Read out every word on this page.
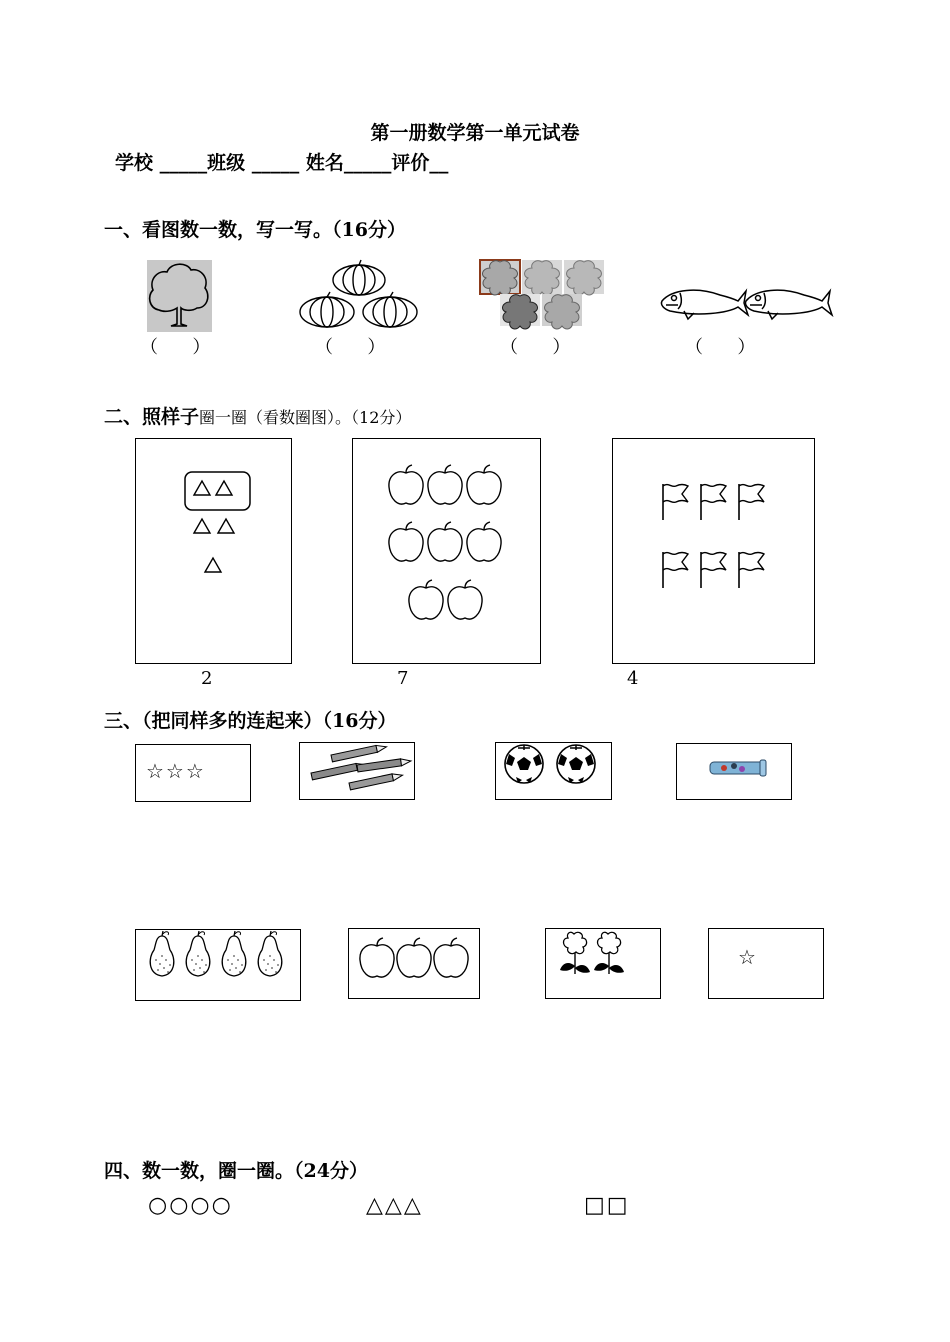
第一册数学第一单元试卷
学校 _____班级 _____ 姓名_____评价__
一、看图数一数，写一写。（16分）
（      ）	（      ）	（      ）	（      ）
二、照样子圈一圈（看数圈图）。（12分）
2	7	4
三、（把同样多的连起来）（16分）
☆☆☆
☆
四、数一数，圈一圈。（24分）
○○○○	△△△	□□
